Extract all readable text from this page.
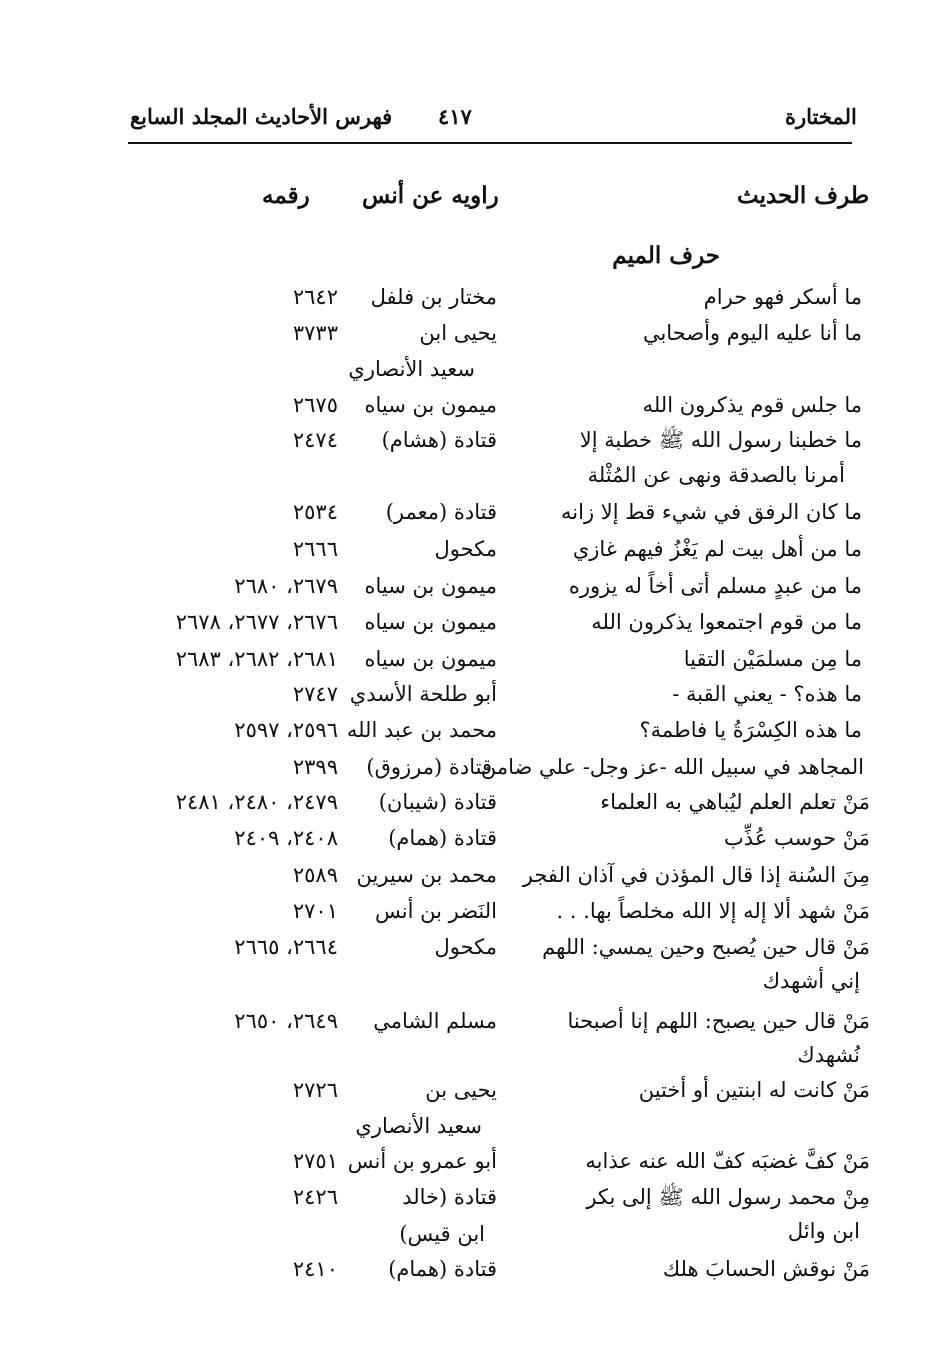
المختارة
٤١٧
فهرس الأحاديث المجلد السابع
طرف الحديث
راويه عن أنس
رقمه
حرف الميم
ما أسكر فهو حرام
مختار بن فلفل
٢٦٤٢
ما أنا عليه اليوم وأصحابي
يحيى ابن
٣٧٣٣
سعيد الأنصاري
ما جلس قوم يذكرون الله
ميمون بن سياه
٢٦٧٥
ما خطبنا رسول الله ﷺ خطبة إلا
قتادة (هشام)
٢٤٧٤
أمرنا بالصدقة ونهى عن المُثْلة
ما كان الرفق في شيء قط إلا زانه
قتادة (معمر)
٢٥٣٤
ما من أهل بيت لم يَغْزُ فيهم غازي
مكحول
٢٦٦٦
ما من عبدٍ مسلم أتى أخاً له يزوره
ميمون بن سياه
٢٦٧٩، ٢٦٨٠
ما من قوم اجتمعوا يذكرون الله
ميمون بن سياه
٢٦٧٦، ٢٦٧٧، ٢٦٧٨
ما مِن مسلمَيْن التقيا
ميمون بن سياه
٢٦٨١، ٢٦٨٢، ٢٦٨٣
ما هذه؟ - يعني القبة -
أبو طلحة الأسدي
٢٧٤٧
ما هذه الكِسْرَةُ يا فاطمة؟
محمد بن عبد الله
٢٥٩٦، ٢٥٩٧
المجاهد في سبيل الله -عز وجل- علي ضامن
قتادة (مرزوق)
٢٣٩٩
مَنْ تعلم العلم ليُباهي به العلماء
قتادة (شيبان)
٢٤٧٩، ٢٤٨٠، ٢٤٨١
مَنْ حوسب عُذِّب
قتادة (همام)
٢٤٠٨، ٢٤٠٩
مِنَ السُنة إذا قال المؤذن في آذان الفجر
محمد بن سيرين
٢٥٨٩
مَنْ شهد ألا إله إلا الله مخلصاً بها. . .
النَضر بن أنس
٢٧٠١
مَنْ قال حين يُصبح وحين يمسي: اللهم
مكحول
٢٦٦٤، ٢٦٦٥
إني أشهدك
مَنْ قال حين يصبح: اللهم إنا أصبحنا
مسلم الشامي
٢٦٤٩، ٢٦٥٠
نُشهدك
مَنْ كانت له ابنتين أو أختين
يحيى بن
٢٧٢٦
سعيد الأنصاري
مَنْ كفَّ غضبَه كفّ الله عنه عذابه
أبو عمرو بن أنس
٢٧٥١
مِنْ محمد رسول الله ﷺ إلى بكر
قتادة (خالد
٢٤٢٦
ابن وائل
ابن قيس)
مَنْ نوقش الحسابَ هلك
قتادة (همام)
٢٤١٠
